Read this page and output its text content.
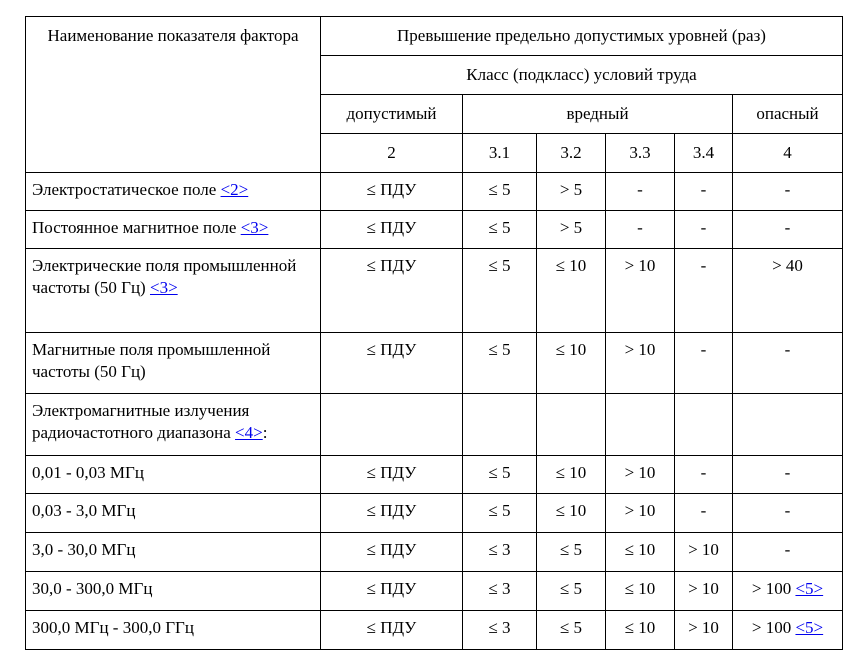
Наименование показателя фактора	Превышение предельно допустимых уровней (раз)					
	Класс (подкласс) условий труда					
	допустимый	вредный				опасный
	2	3.1	3.2	3.3	3.4	4
Электростатическое поле <2>	≤ ПДУ	≤ 5	> 5	-	-	-
Постоянное магнитное поле <3>	≤ ПДУ	≤ 5	> 5	-	-	-
Электрические поля промышленной частоты (50 Гц) <3>	≤ ПДУ	≤ 5	≤ 10	> 10	-	> 40
Магнитные поля промышленной частоты (50 Гц)	≤ ПДУ	≤ 5	≤ 10	> 10	-	-
Электромагнитные излучения радиочастотного диапазона <4>:						
0,01 - 0,03 МГц	≤ ПДУ	≤ 5	≤ 10	> 10	-	-
0,03 - 3,0 МГц	≤ ПДУ	≤ 5	≤ 10	> 10	-	-
3,0 - 30,0 МГц	≤ ПДУ	≤ 3	≤ 5	≤ 10	> 10	-
30,0 - 300,0 МГц	≤ ПДУ	≤ 3	≤ 5	≤ 10	> 10	> 100 <5>
300,0 МГц - 300,0 ГГц	≤ ПДУ	≤ 3	≤ 5	≤ 10	> 10	> 100 <5>
